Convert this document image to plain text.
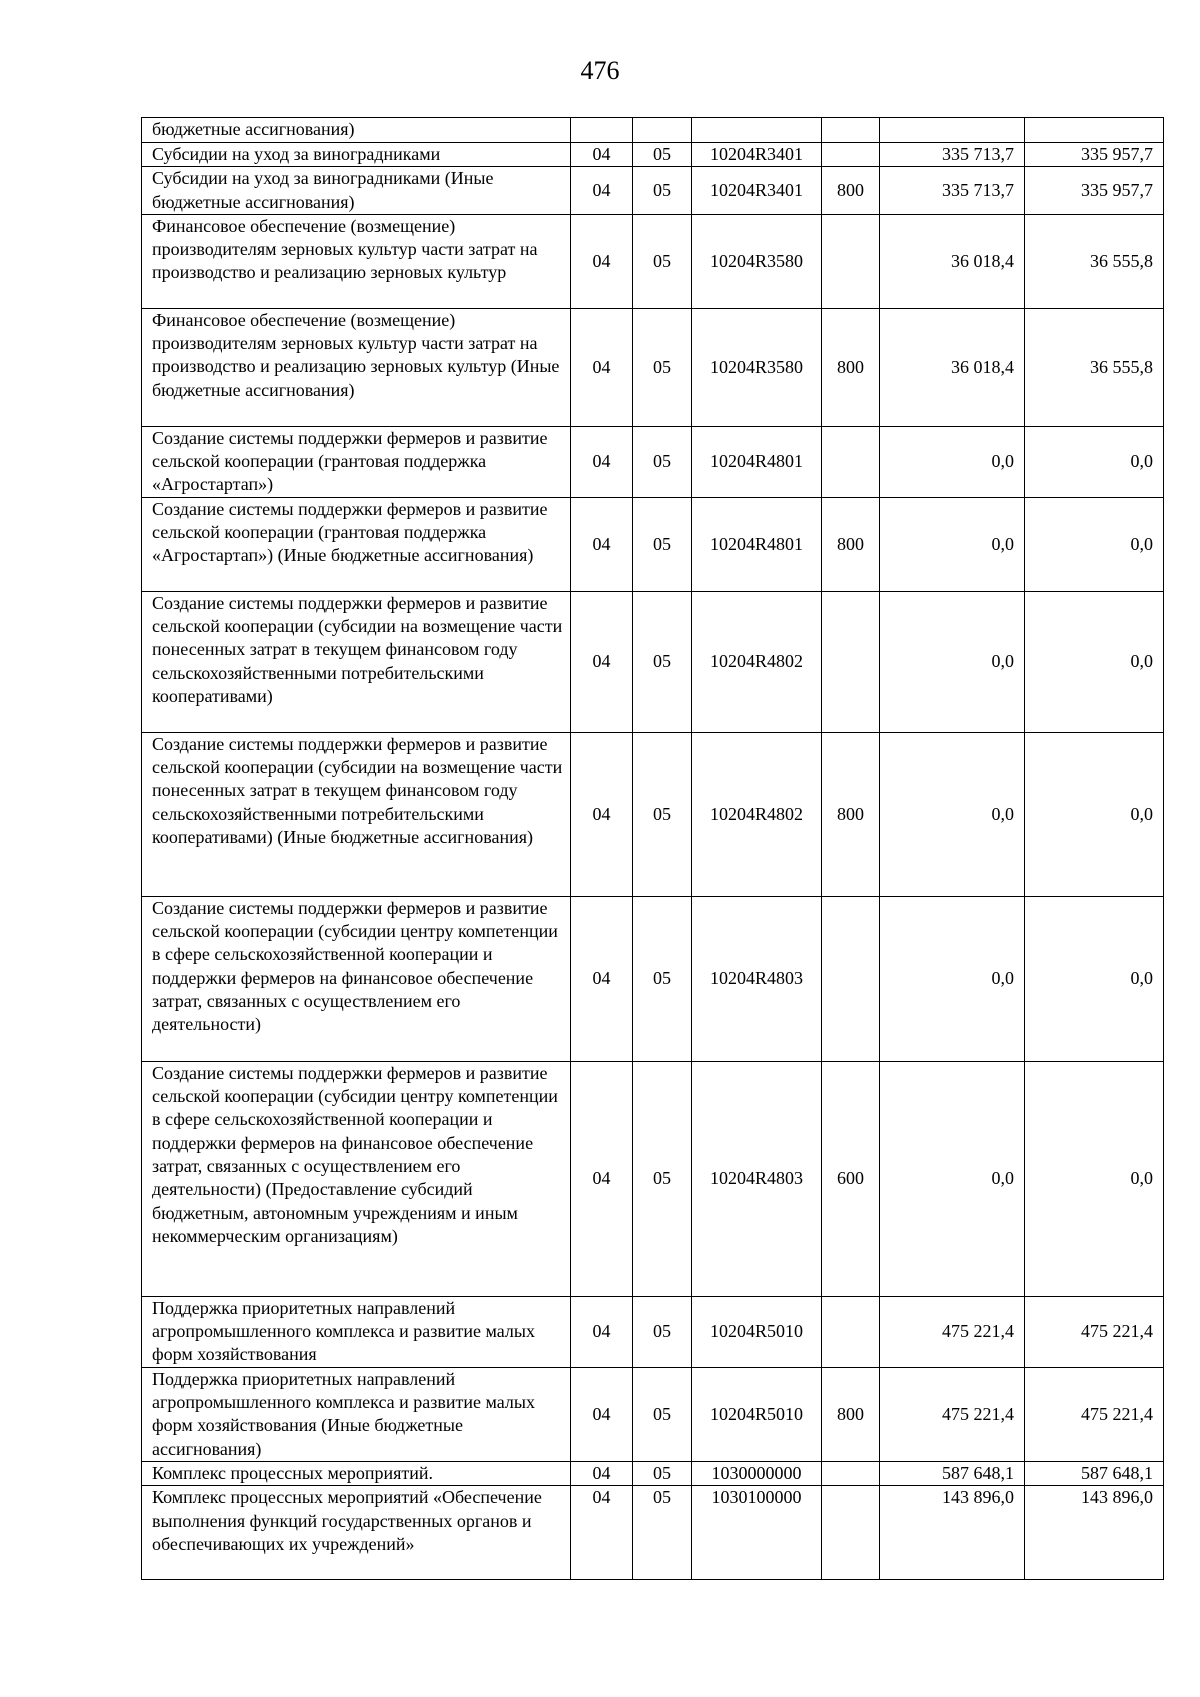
476
бюджетные ассигнования)						
Субсидии на уход за виноградниками	04	05	10204R3401		335 713,7	335 957,7
Субсидии на уход за виноградниками (Иные бюджетные ассигнования)	04	05	10204R3401	800	335 713,7	335 957,7
Финансовое обеспечение (возмещение) производителям зерновых культур части затрат на производство и реализацию зерновых культур	04	05	10204R3580		36 018,4	36 555,8
Финансовое обеспечение (возмещение) производителям зерновых культур части затрат на производство и реализацию зерновых культур (Иные бюджетные ассигнования)	04	05	10204R3580	800	36 018,4	36 555,8
Создание системы поддержки фермеров и развитие сельской кооперации (грантовая поддержка «Агростартап»)	04	05	10204R4801		0,0	0,0
Создание системы поддержки фермеров и развитие сельской кооперации (грантовая поддержка «Агростартап») (Иные бюджетные ассигнования)	04	05	10204R4801	800	0,0	0,0
Создание системы поддержки фермеров и развитие сельской кооперации (субсидии на возмещение части понесенных затрат в текущем финансовом году сельскохозяйственными потребительскими кооперативами)	04	05	10204R4802		0,0	0,0
Создание системы поддержки фермеров и развитие сельской кооперации (субсидии на возмещение части понесенных затрат в текущем финансовом году сельскохозяйственными потребительскими кооперативами) (Иные бюджетные ассигнования)	04	05	10204R4802	800	0,0	0,0
Создание системы поддержки фермеров и развитие сельской кооперации (субсидии центру компетенции в сфере сельскохозяйственной кооперации и поддержки фермеров на финансовое обеспечение затрат, связанных с осуществлением его деятельности)	04	05	10204R4803		0,0	0,0
Создание системы поддержки фермеров и развитие сельской кооперации (субсидии центру компетенции в сфере сельскохозяйственной кооперации и поддержки фермеров на финансовое обеспечение затрат, связанных с осуществлением его деятельности) (Предоставление субсидий бюджетным, автономным учреждениям и иным некоммерческим организациям)	04	05	10204R4803	600	0,0	0,0
Поддержка приоритетных направлений агропромышленного комплекса и развитие малых форм хозяйствования	04	05	10204R5010		475 221,4	475 221,4
Поддержка приоритетных направлений агропромышленного комплекса и развитие малых форм хозяйствования (Иные бюджетные ассигнования)	04	05	10204R5010	800	475 221,4	475 221,4
Комплекс процессных мероприятий.	04	05	1030000000		587 648,1	587 648,1
Комплекс процессных мероприятий «Обеспечение выполнения функций государственных органов и обеспечивающих их учреждений»	04	05	1030100000		143 896,0	143 896,0
